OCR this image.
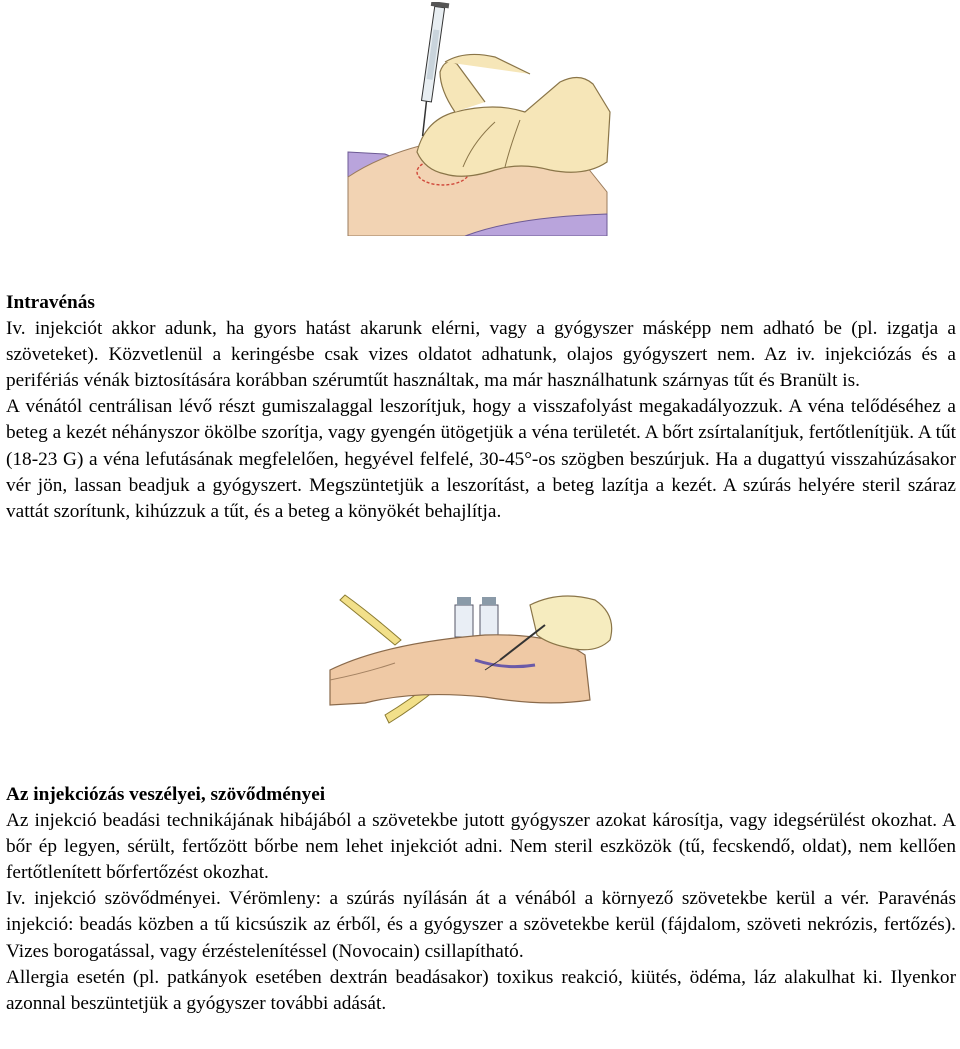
Intravénás

Iv. injekciót akkor adunk, ha gyors hatást akarunk elérni, vagy a gyógyszer másképp nem adható be (pl. izgatja a szöveteket). Közvetlenül a keringésbe csak vizes oldatot adhatunk, olajos gyógyszert nem. Az iv. injekciózás és a perifériás vénák biztosítására korábban szérumtűt használtak, ma már használhatunk szárnyas tűt és Branült is.

A vénától centrálisan lévő részt gumiszalaggal leszorítjuk, hogy a visszafolyást megakadályozzuk. A véna telődéséhez a beteg a kezét néhányszor ökölbe szorítja, vagy gyengén ütögetjük a véna területét. A bőrt zsírtalanítjuk, fertőtlenítjük. A tűt (18-23 G) a véna lefutásának megfelelően, hegyével felfelé, 30-45°-os szögben beszúrjuk. Ha a dugattyú visszahúzásakor vér jön, lassan beadjuk a gyógyszert. Megszüntetjük a leszorítást, a beteg lazítja a kezét. A szúrás helyére steril száraz vattát szorítunk, kihúzzuk a tűt, és a beteg a könyökét behajlítja.

Az injekciózás veszélyei, szövődményei

Az injekció beadási technikájának hibájából a szövetekbe jutott gyógyszer azokat károsítja, vagy idegsérülést okozhat. A bőr ép legyen, sérült, fertőzött bőrbe nem lehet injekciót adni. Nem steril eszközök (tű, fecskendő, oldat), nem kellően fertőtlenített bőrfertőzést okozhat.

Iv. injekció szövődményei. Vérömleny: a szúrás nyílásán át a vénából a környező szövetekbe kerül a vér. Paravénás injekció: beadás közben a tű kicsúszik az érből, és a gyógyszer a szövetekbe kerül (fájdalom, szöveti nekrózis, fertőzés). Vizes borogatással, vagy érzéstelenítéssel (Novocain) csillapítható.

Allergia esetén (pl. patkányok esetében dextrán beadásakor) toxikus reakció, kiütés, ödéma, láz alakulhat ki. Ilyenkor azonnal beszüntetjük a gyógyszer további adását.
